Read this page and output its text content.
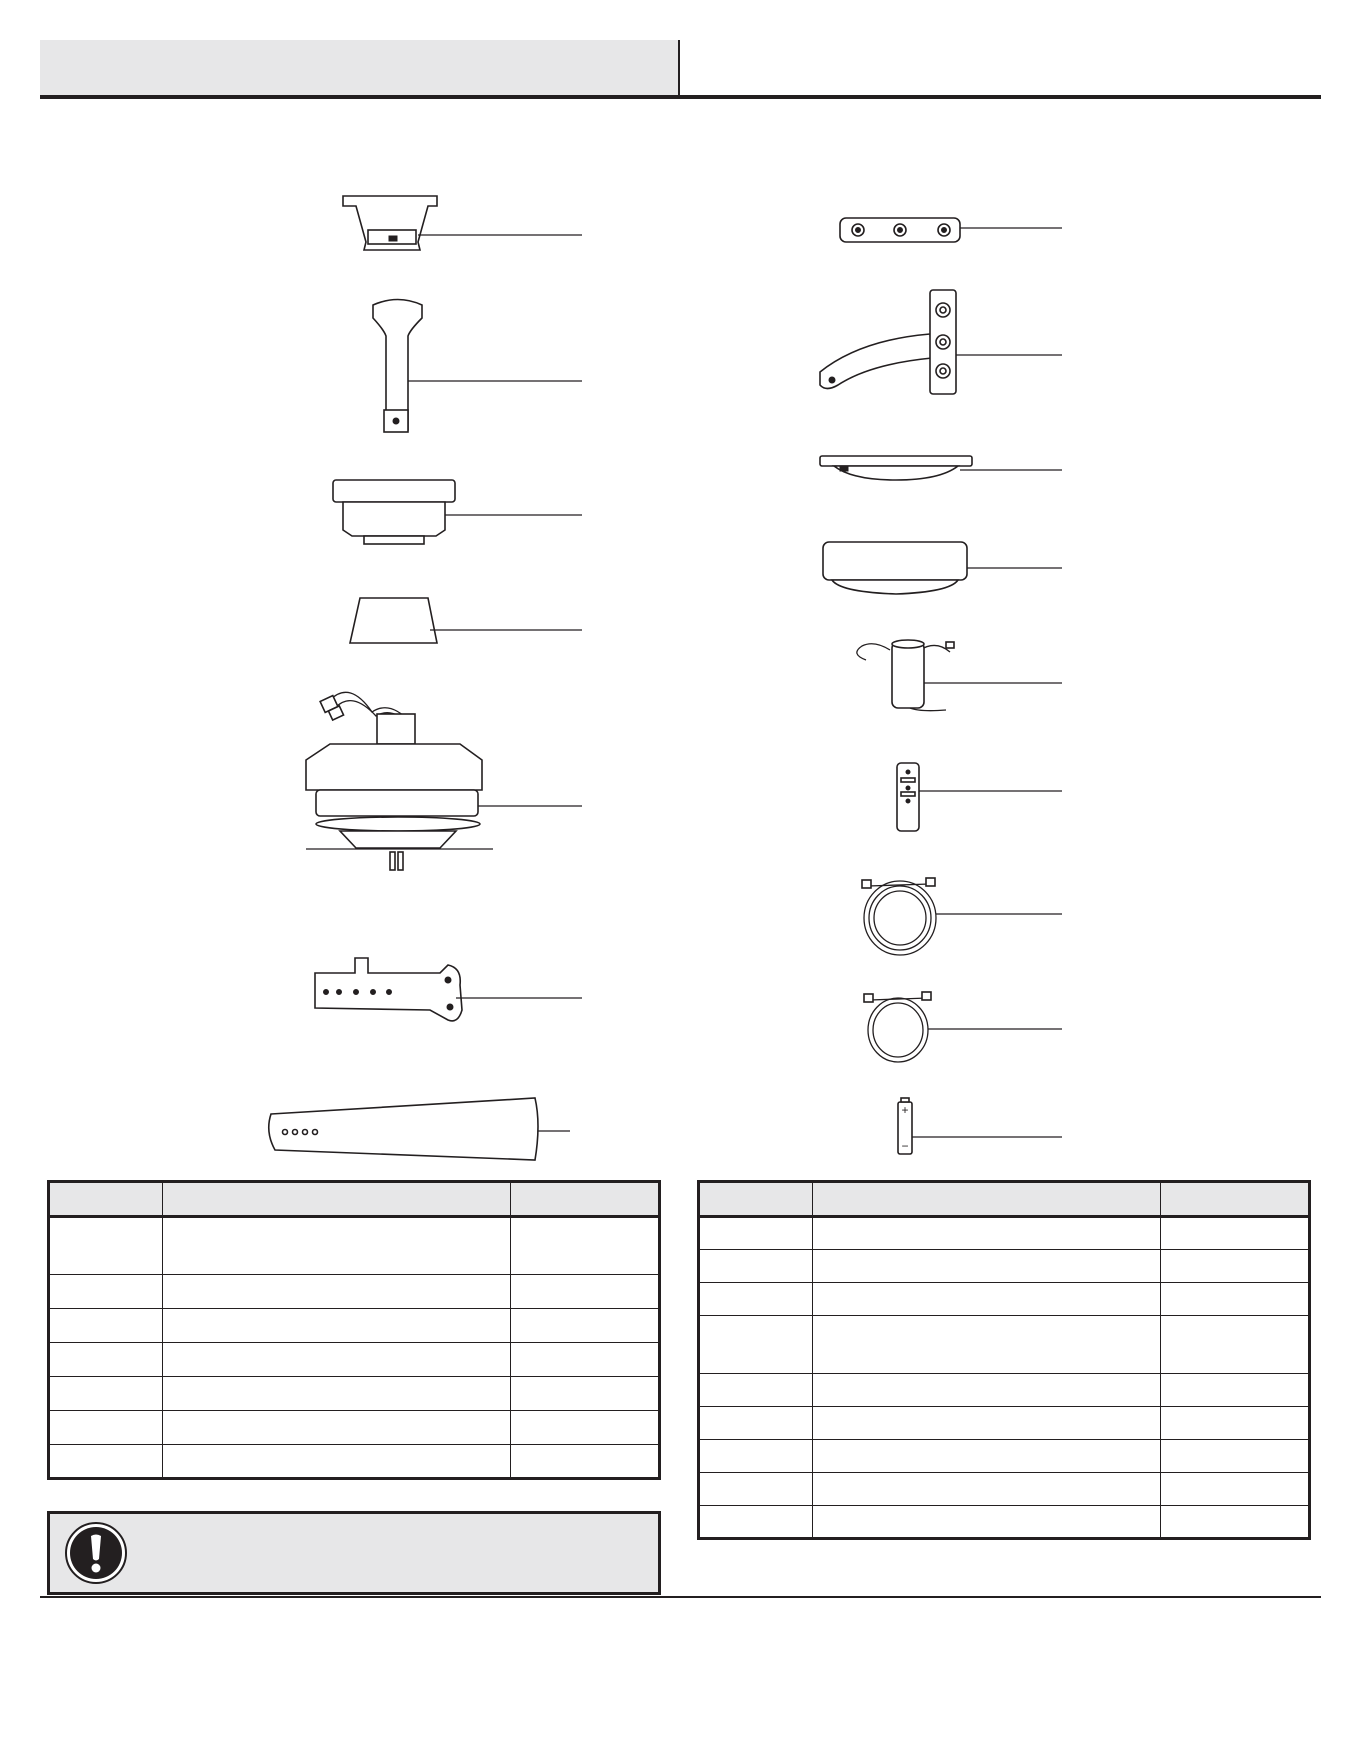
+
−
